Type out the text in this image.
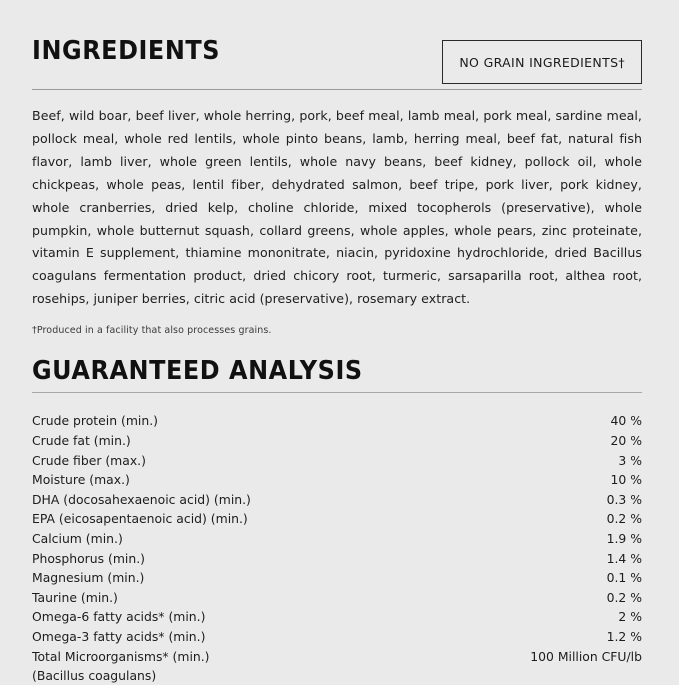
INGREDIENTS	NO GRAIN INGREDIENTS†
Beef, wild boar, beef liver, whole herring, pork, beef meal, lamb meal, pork meal, sardine meal, pollock meal, whole red lentils, whole pinto beans, lamb, herring meal, beef fat, natural fish flavor, lamb liver, whole green lentils, whole navy beans, beef kidney, pollock oil, whole chickpeas, whole peas, lentil fiber, dehydrated salmon, beef tripe, pork liver, pork kidney, whole cranberries, dried kelp, choline chloride, mixed tocopherols (preservative), whole pumpkin, whole butternut squash, collard greens, whole apples, whole pears, zinc proteinate, vitamin E supplement, thiamine mononitrate, niacin, pyridoxine hydrochloride, dried Bacillus coagulans fermentation product, dried chicory root, turmeric, sarsaparilla root, althea root, rosehips, juniper berries, citric acid (preservative), rosemary extract.
†Produced in a facility that also processes grains.
GUARANTEED ANALYSIS
Crude protein (min.)	40 %
Crude fat (min.)	20 %
Crude fiber (max.)	3 %
Moisture (max.)	10 %
DHA (docosahexaenoic acid) (min.)	0.3 %
EPA (eicosapentaenoic acid) (min.)	0.2 %
Calcium (min.)	1.9 %
Phosphorus (min.)	1.4 %
Magnesium (min.)	0.1 %
Taurine (min.)	0.2 %
Omega-6 fatty acids* (min.)	2 %
Omega-3 fatty acids* (min.)	1.2 %
Total Microorganisms* (min.)	100 Million CFU/lb
(Bacillus coagulans)	
